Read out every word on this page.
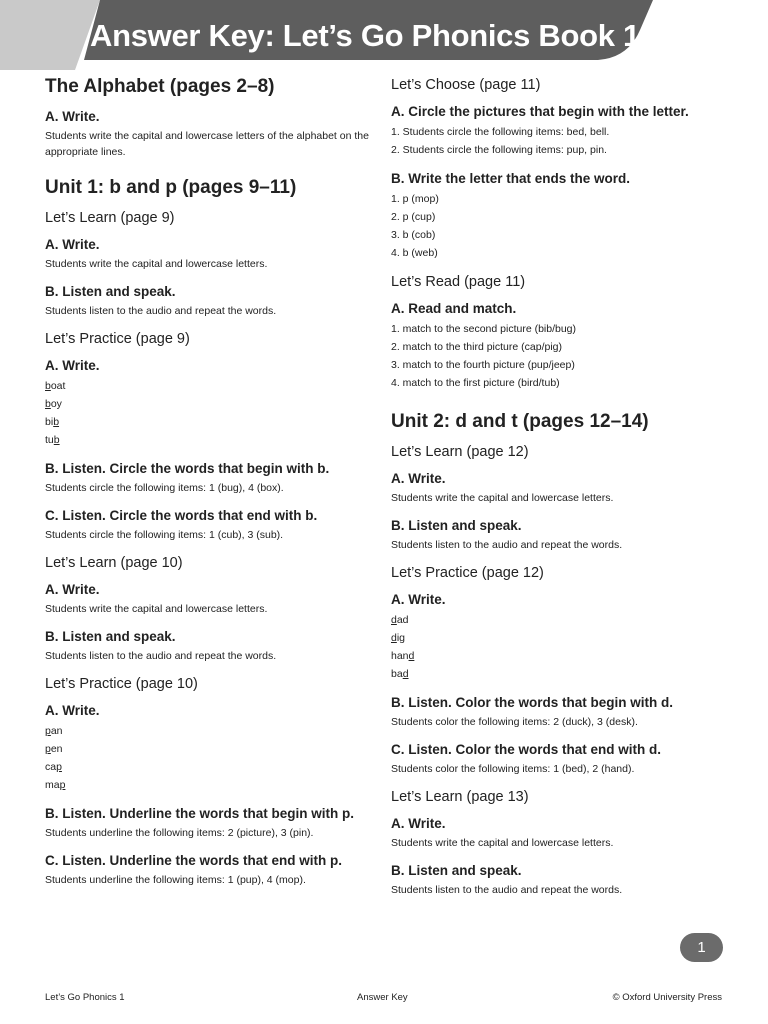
Answer Key: Let’s Go Phonics Book 1
The Alphabet (pages 2–8)
A. Write.
Students write the capital and lowercase letters of the alphabet on the appropriate lines.
Unit 1: b and p (pages 9–11)
Let’s Learn (page 9)
A. Write.
Students write the capital and lowercase letters.
B. Listen and speak.
Students listen to the audio and repeat the words.
Let’s Practice (page 9)
A. Write.
boat
boy
bib
tub
B. Listen. Circle the words that begin with b.
Students circle the following items: 1 (bug), 4 (box).
C. Listen. Circle the words that end with b.
Students circle the following items: 1 (cub), 3 (sub).
Let’s Learn (page 10)
A. Write.
Students write the capital and lowercase letters.
B. Listen and speak.
Students listen to the audio and repeat the words.
Let’s Practice (page 10)
A. Write.
pan
pen
cap
map
B. Listen. Underline the words that begin with p.
Students underline the following items: 2 (picture), 3 (pin).
C. Listen. Underline the words that end with p.
Students underline the following items: 1 (pup), 4 (mop).
Let’s Choose (page 11)
A. Circle the pictures that begin with the letter.
1. Students circle the following items: bed, bell.
2. Students circle the following items: pup, pin.
B. Write the letter that ends the word.
1. p (mop)
2. p (cup)
3. b (cob)
4. b (web)
Let’s Read (page 11)
A. Read and match.
1. match to the second picture (bib/bug)
2. match to the third picture (cap/pig)
3. match to the fourth picture (pup/jeep)
4. match to the first picture (bird/tub)
Unit 2: d and t (pages 12–14)
Let’s Learn (page 12)
A. Write.
Students write the capital and lowercase letters.
B. Listen and speak.
Students listen to the audio and repeat the words.
Let’s Practice (page 12)
A. Write.
dad
dig
hand
bad
B. Listen. Color the words that begin with d.
Students color the following items: 2 (duck), 3 (desk).
C. Listen. Color the words that end with d.
Students color the following items: 1 (bed), 2 (hand).
Let’s Learn (page 13)
A. Write.
Students write the capital and lowercase letters.
B. Listen and speak.
Students listen to the audio and repeat the words.
1
Let’s Go Phonics 1	Answer Key	© Oxford University Press
